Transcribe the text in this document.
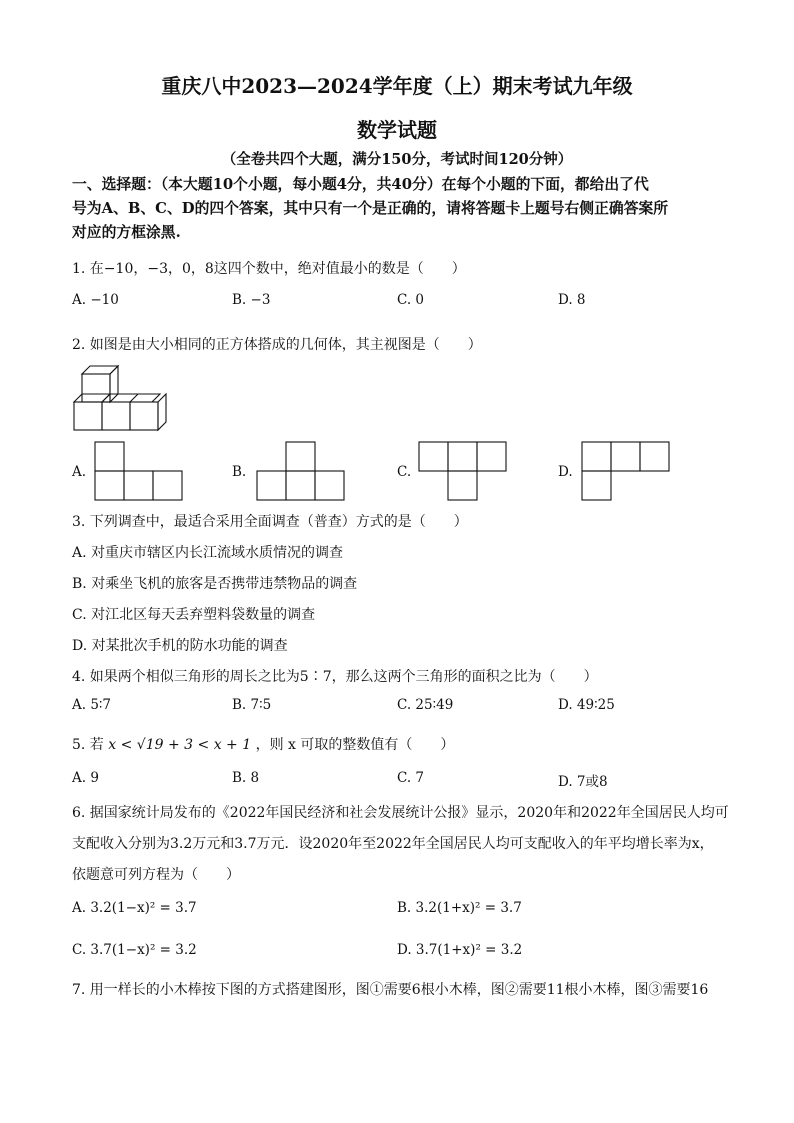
重庆八中2023—2024学年度（上）期末考试九年级
数学试题
（全卷共四个大题，满分150分，考试时间120分钟）
一、选择题：（本大题10个小题，每小题4分，共40分）在每个小题的下面，都给出了代
号为A、B、C、D的四个答案，其中只有一个是正确的，请将答题卡上题号右侧正确答案所
对应的方框涂黑.
1. 在−10，−3，0，8这四个数中，绝对值最小的数是（　　）
A. −10	B. −3	C. 0	D. 8
2. 如图是由大小相同的正方体搭成的几何体，其主视图是（　　）
A.	B.	C.	D.
3. 下列调查中，最适合采用全面调查（普查）方式的是（　　）
A. 对重庆市辖区内长江流域水质情况的调查
B. 对乘坐飞机的旅客是否携带违禁物品的调查
C. 对江北区每天丢弃塑料袋数量的调查
D. 对某批次手机的防水功能的调查
4. 如果两个相似三角形的周长之比为5∶7，那么这两个三角形的面积之比为（　　）
A. 5∶7	B. 7∶5	C. 25∶49	D. 49∶25
5. 若 x < √19 + 3 < x + 1 ，则 x 可取的整数值有（　　）
A. 9	B. 8	C. 7	D. 7或8
6. 据国家统计局发布的《2022年国民经济和社会发展统计公报》显示，2020年和2022年全国居民人均可
支配收入分别为3.2万元和3.7万元．设2020年至2022年全国居民人均可支配收入的年平均增长率为x，
依题意可列方程为（　　）
A. 3.2(1−x)² = 3.7	B. 3.2(1+x)² = 3.7
C. 3.7(1−x)² = 3.2	D. 3.7(1+x)² = 3.2
7. 用一样长的小木棒按下图的方式搭建图形，图①需要6根小木棒，图②需要11根小木棒，图③需要16
